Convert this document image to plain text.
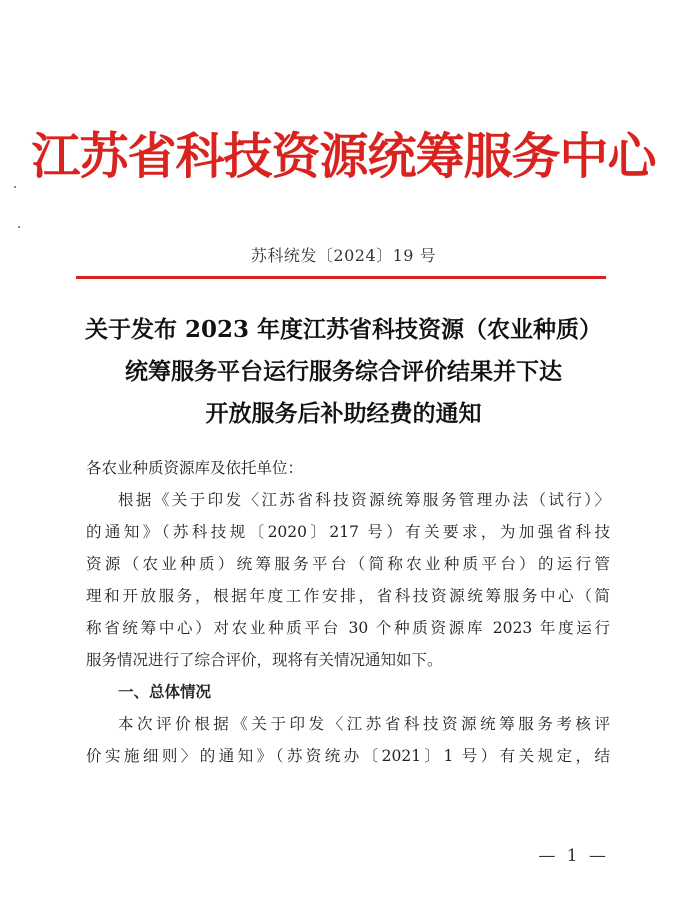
江苏省科技资源统筹服务中心
苏科统发〔2024〕19 号
关于发布 2023 年度江苏省科技资源（农业种质）
统筹服务平台运行服务综合评价结果并下达
开放服务后补助经费的通知
各农业种质资源库及依托单位：
根据《关于印发〈江苏省科技资源统筹服务管理办法（试行）〉
的通知》（苏科技规〔2020〕217 号）有关要求，为加强省科技
资源（农业种质）统筹服务平台（简称农业种质平台）的运行管
理和开放服务，根据年度工作安排，省科技资源统筹服务中心（简
称省统筹中心）对农业种质平台 30 个种质资源库 2023 年度运行
服务情况进行了综合评价，现将有关情况通知如下。
一、总体情况
本次评价根据《关于印发〈江苏省科技资源统筹服务考核评
价实施细则〉的通知》（苏资统办〔2021〕1 号）有关规定，结
— 1 —
